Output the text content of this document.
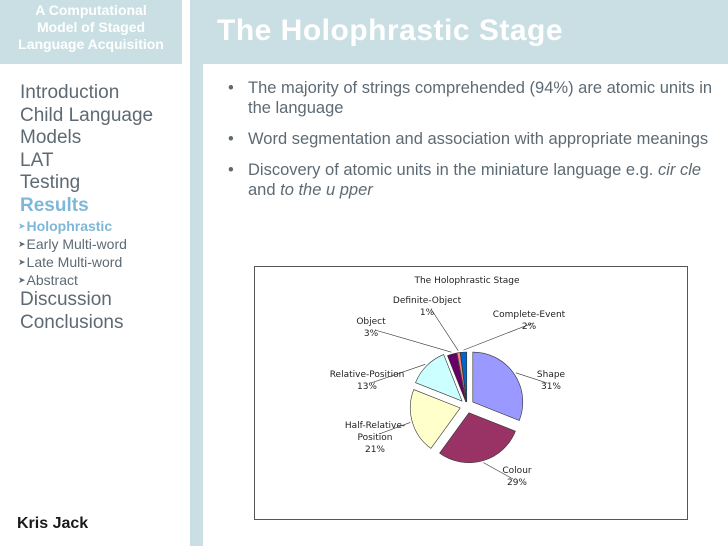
A Computational
Model of Staged
Language Acquisition
Introduction
Child Language
Models
LAT
Testing
Results
➤Holophrastic
➤Early Multi-word
➤Late Multi-word
➤Abstract
Discussion
Conclusions
Kris Jack
The Holophrastic Stage
• The majority of strings comprehended (94%) are atomic units in the language
• Word segmentation and association with appropriate meanings
• Discovery of atomic units in the miniature language e.g. cir cle and to the u pper
The Holophrastic Stage
Shape
31%
Colour
29%
Half-Relative-Position
21%
Relative-Position
13%
Object
3%
Definite-Object
1%	Complete-Event
2%
